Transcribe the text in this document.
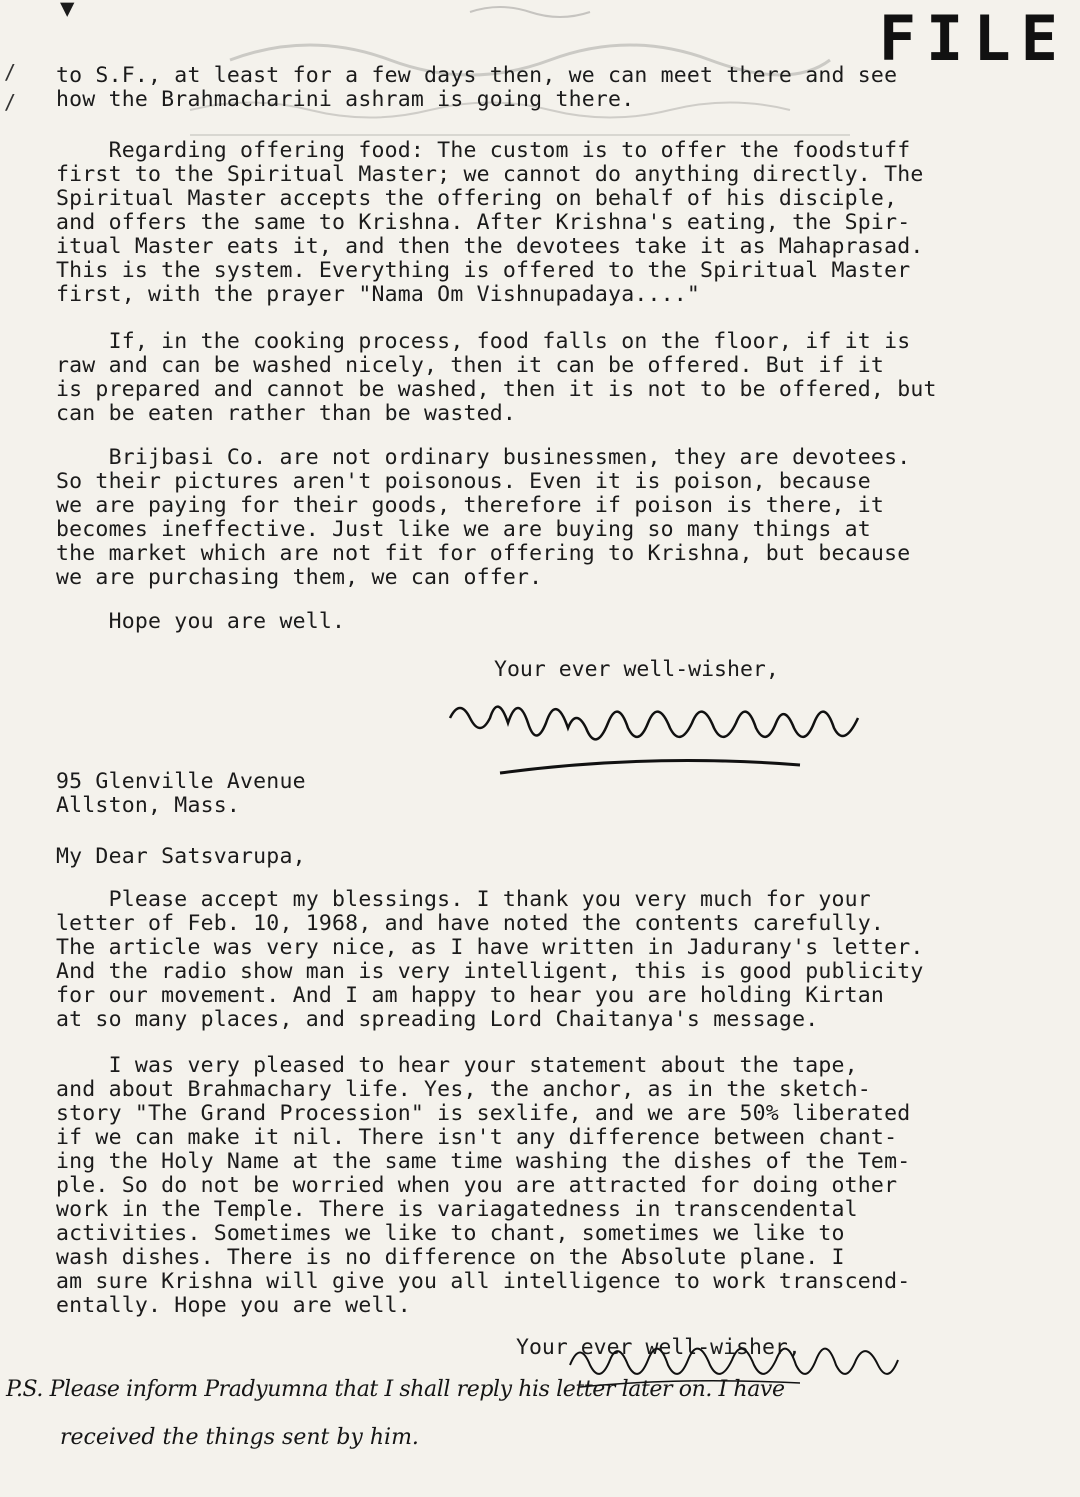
▼	FILE
/
/
to S.F., at least for a few days then, we can meet there and see
how the Brahmacharini ashram is going there.
Regarding offering food: The custom is to offer the foodstuff
first to the Spiritual Master; we cannot do anything directly. The
Spiritual Master accepts the offering on behalf of his disciple,
and offers the same to Krishna. After Krishna's eating, the Spir-
itual Master eats it, and then the devotees take it as Mahaprasad.
This is the system. Everything is offered to the Spiritual Master
first, with the prayer "Nama Om Vishnupadaya...."
If, in the cooking process, food falls on the floor, if it is
raw and can be washed nicely, then it can be offered. But if it
is prepared and cannot be washed, then it is not to be offered, but
can be eaten rather than be wasted.
Brijbasi Co. are not ordinary businessmen, they are devotees.
So their pictures aren't poisonous. Even it is poison, because
we are paying for their goods, therefore if poison is there, it
becomes ineffective. Just like we are buying so many things at
the market which are not fit for offering to Krishna, but because
we are purchasing them, we can offer.
Hope you are well.
Your ever well-wisher,
95 Glenville Avenue
Allston, Mass.
My Dear Satsvarupa,
Please accept my blessings. I thank you very much for your
letter of Feb. 10, 1968, and have noted the contents carefully.
The article was very nice, as I have written in Jadurany's letter.
And the radio show man is very intelligent, this is good publicity
for our movement. And I am happy to hear you are holding Kirtan
at so many places, and spreading Lord Chaitanya's message.
I was very pleased to hear your statement about the tape,
and about Brahmachary life. Yes, the anchor, as in the sketch-
story "The Grand Procession" is sexlife, and we are 50% liberated
if we can make it nil. There isn't any difference between chant-
ing the Holy Name at the same time washing the dishes of the Tem-
ple. So do not be worried when you are attracted for doing other
work in the Temple. There is variagatedness in transcendental
activities. Sometimes we like to chant, sometimes we like to
wash dishes. There is no difference on the Absolute plane. I
am sure Krishna will give you all intelligence to work transcend-
entally. Hope you are well.
Your ever well-wisher,
P.S. Please inform Pradyumna that I shall reply his letter later on. I have
received the things sent by him.
